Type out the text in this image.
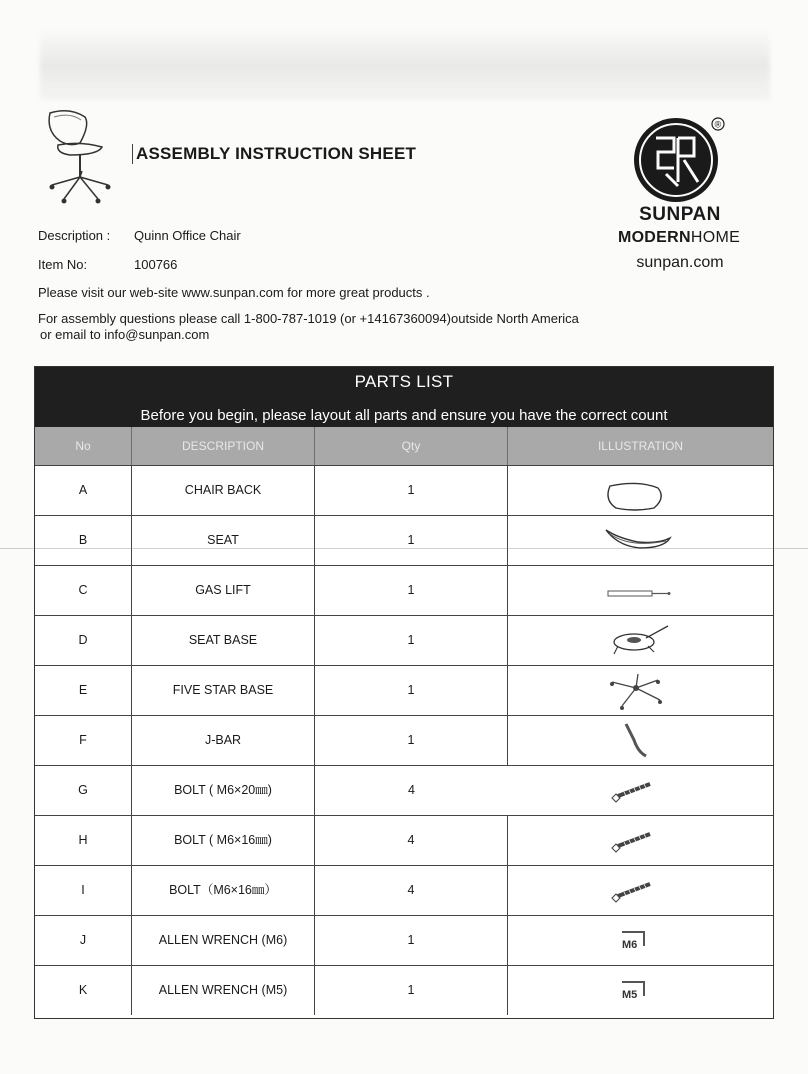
ASSEMBLY INSTRUCTION SHEET
®
SUNPAN
MODERNHOME
sunpan.com
Description : Quinn Office Chair
Item No:	100766
Please visit our web-site www.sunpan.com for more great products .
For assembly questions please call 1-800-787-1019 (or +14167360094)outside North America
or email to info@sunpan.com
PARTS LIST
Before you begin, please layout all parts and ensure you have the correct count
No	DESCRIPTION	Qty	ILLUSTRATION
A	CHAIR BACK	1
B	SEAT	1
C	GAS LIFT	1
D	SEAT BASE	1
E	FIVE STAR BASE	1
F	J-BAR	1
G	BOLT ( M6×20㎜)	4
H	BOLT ( M6×16㎜)	4
I	BOLT（M6×16㎜）	4
J	ALLEN WRENCH (M6)	1	M6
K	ALLEN WRENCH (M5)	1	M5
